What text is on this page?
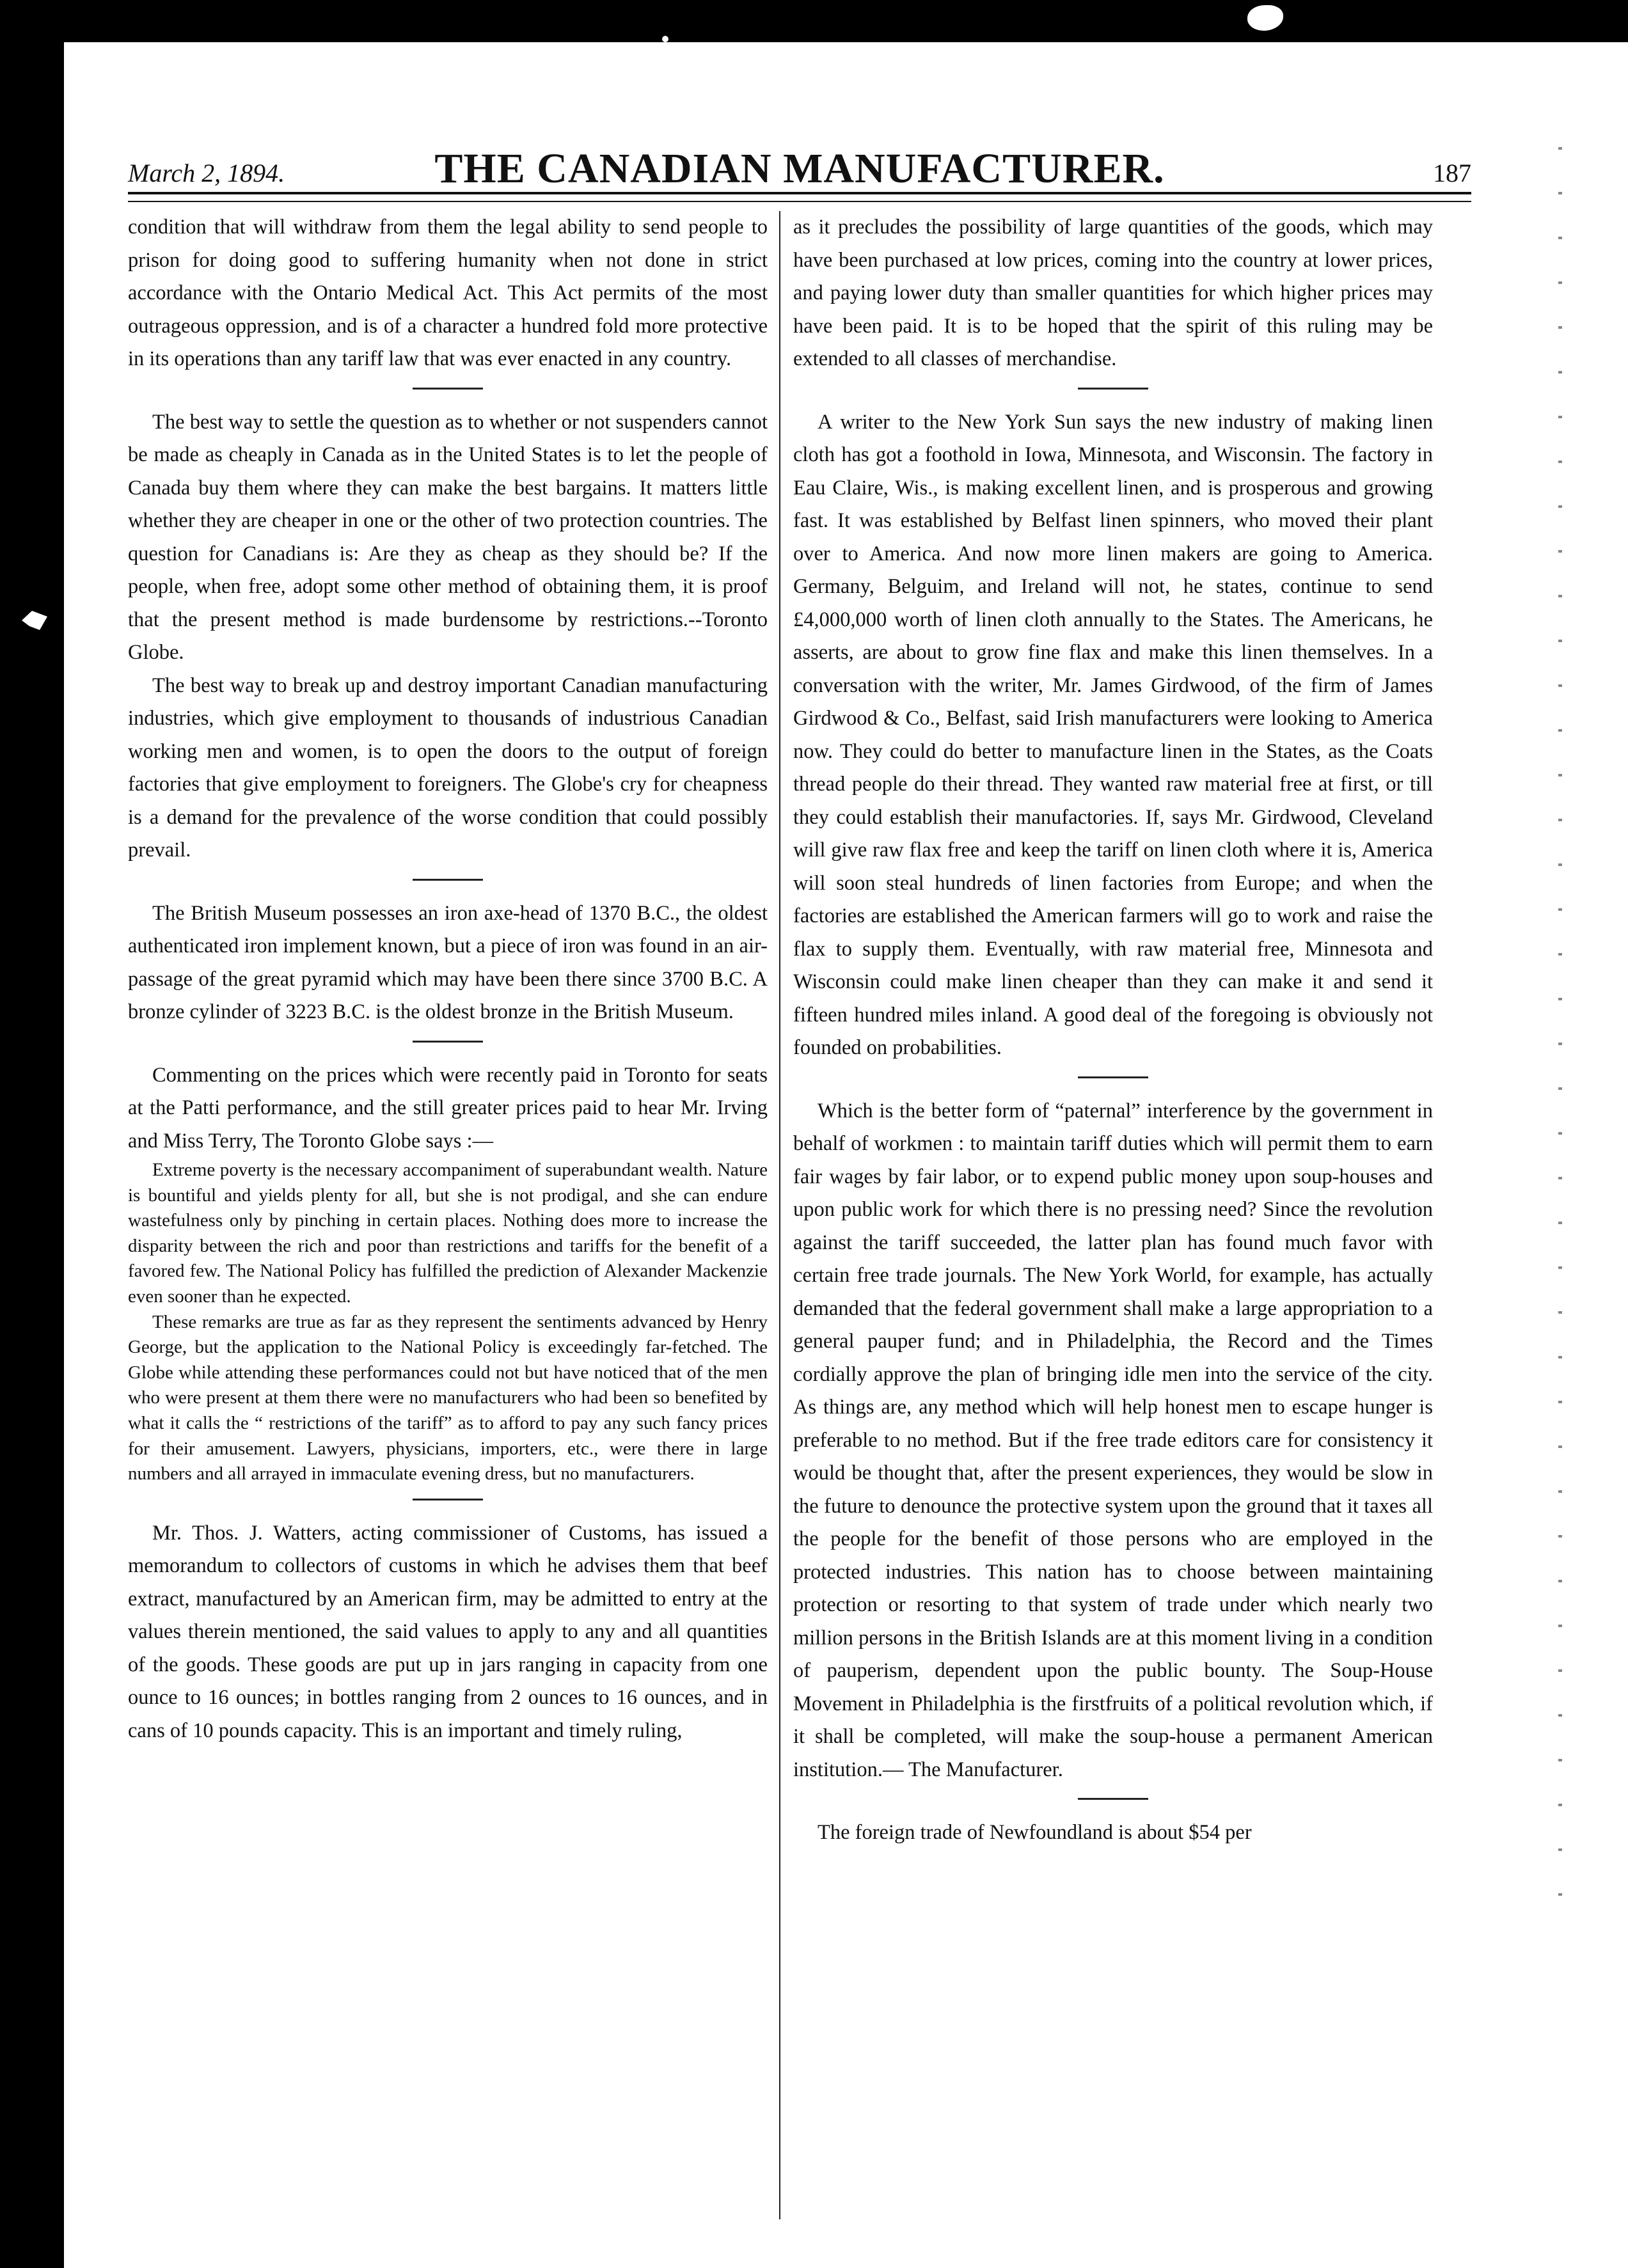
March 2, 1894.	THE CANADIAN MANUFACTURER.	187

condition that will withdraw from them the legal ability to send people to prison for doing good to suffering humanity when not done in strict accordance with the Ontario Medical Act. This Act permits of the most outrageous oppression, and is of a character a hundred fold more protective in its operations than any tariff law that was ever enacted in any country.

The best way to settle the question as to whether or not suspenders cannot be made as cheaply in Canada as in the United States is to let the people of Canada buy them where they can make the best bargains. It matters little whether they are cheaper in one or the other of two protection countries. The question for Canadians is: Are they as cheap as they should be? If the people, when free, adopt some other method of obtaining them, it is proof that the present method is made burdensome by restrictions.--Toronto Globe.

The best way to break up and destroy important Canadian manufacturing industries, which give employment to thousands of industrious Canadian working men and women, is to open the doors to the output of foreign factories that give employment to foreigners. The Globe's cry for cheapness is a demand for the prevalence of the worse condition that could possibly prevail.

The British Museum possesses an iron axe-head of 1370 B.C., the oldest authenticated iron implement known, but a piece of iron was found in an air-passage of the great pyramid which may have been there since 3700 B.C. A bronze cylinder of 3223 B.C. is the oldest bronze in the British Museum.

Commenting on the prices which were recently paid in Toronto for seats at the Patti performance, and the still greater prices paid to hear Mr. Irving and Miss Terry, The Toronto Globe says :—

Extreme poverty is the necessary accompaniment of superabundant wealth. Nature is bountiful and yields plenty for all, but she is not prodigal, and she can endure wastefulness only by pinching in certain places. Nothing does more to increase the disparity between the rich and poor than restrictions and tariffs for the benefit of a favored few. The National Policy has fulfilled the prediction of Alexander Mackenzie even sooner than he expected.

These remarks are true as far as they represent the sentiments advanced by Henry George, but the application to the National Policy is exceedingly far-fetched. The Globe while attending these performances could not but have noticed that of the men who were present at them there were no manufacturers who had been so benefited by what it calls the “ restrictions of the tariff” as to afford to pay any such fancy prices for their amusement. Lawyers, physicians, importers, etc., were there in large numbers and all arrayed in immaculate evening dress, but no manufacturers.

Mr. Thos. J. Watters, acting commissioner of Customs, has issued a memorandum to collectors of customs in which he advises them that beef extract, manufactured by an American firm, may be admitted to entry at the values therein mentioned, the said values to apply to any and all quantities of the goods. These goods are put up in jars ranging in capacity from one ounce to 16 ounces; in bottles ranging from 2 ounces to 16 ounces, and in cans of 10 pounds capacity. This is an important and timely ruling,

as it precludes the possibility of large quantities of the goods, which may have been purchased at low prices, coming into the country at lower prices, and paying lower duty than smaller quantities for which higher prices may have been paid. It is to be hoped that the spirit of this ruling may be extended to all classes of merchandise.

A writer to the New York Sun says the new industry of making linen cloth has got a foothold in Iowa, Minnesota, and Wisconsin. The factory in Eau Claire, Wis., is making excellent linen, and is prosperous and growing fast. It was established by Belfast linen spinners, who moved their plant over to America. And now more linen makers are going to America. Germany, Belguim, and Ireland will not, he states, continue to send £4,000,000 worth of linen cloth annually to the States. The Americans, he asserts, are about to grow fine flax and make this linen themselves. In a conversation with the writer, Mr. James Girdwood, of the firm of James Girdwood & Co., Belfast, said Irish manufacturers were looking to America now. They could do better to manufacture linen in the States, as the Coats thread people do their thread. They wanted raw material free at first, or till they could establish their manufactories. If, says Mr. Girdwood, Cleveland will give raw flax free and keep the tariff on linen cloth where it is, America will soon steal hundreds of linen factories from Europe; and when the factories are established the American farmers will go to work and raise the flax to supply them. Eventually, with raw material free, Minnesota and Wisconsin could make linen cheaper than they can make it and send it fifteen hundred miles inland. A good deal of the foregoing is obviously not founded on probabilities.

Which is the better form of “paternal” interference by the government in behalf of workmen : to maintain tariff duties which will permit them to earn fair wages by fair labor, or to expend public money upon soup-houses and upon public work for which there is no pressing need? Since the revolution against the tariff succeeded, the latter plan has found much favor with certain free trade journals. The New York World, for example, has actually demanded that the federal government shall make a large appropriation to a general pauper fund; and in Philadelphia, the Record and the Times cordially approve the plan of bringing idle men into the service of the city. As things are, any method which will help honest men to escape hunger is preferable to no method. But if the free trade editors care for consistency it would be thought that, after the present experiences, they would be slow in the future to denounce the protective system upon the ground that it taxes all the people for the benefit of those persons who are employed in the protected industries. This nation has to choose between maintaining protection or resorting to that system of trade under which nearly two million persons in the British Islands are at this moment living in a condition of pauperism, dependent upon the public bounty. The Soup-House Movement in Philadelphia is the firstfruits of a political revolution which, if it shall be completed, will make the soup-house a permanent American institution.— The Manufacturer.

The foreign trade of Newfoundland is about $54 per
